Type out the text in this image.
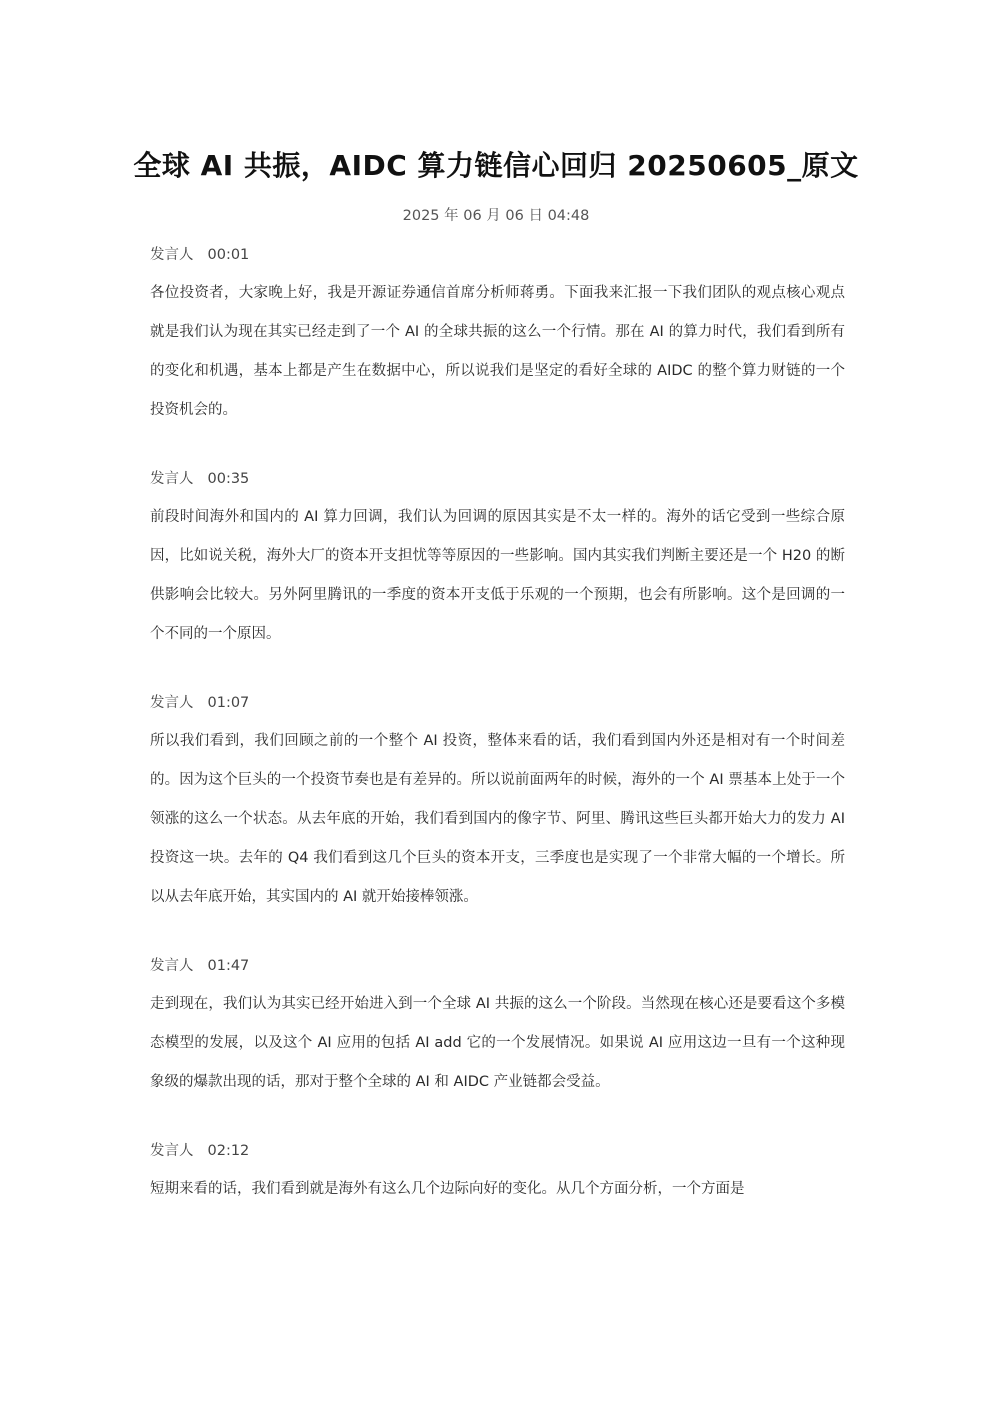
全球 AI 共振，AIDC 算力链信心回归 20250605_原文
2025 年 06 月 06 日 04:48
发言人 00:01

各位投资者，大家晚上好，我是开源证券通信首席分析师蒋勇。下面我来汇报一下我们团队的观点核心观点就是我们认为现在其实已经走到了一个 AI 的全球共振的这么一个行情。那在 AI 的算力时代，我们看到所有的变化和机遇，基本上都是产生在数据中心，所以说我们是坚定的看好全球的 AIDC 的整个算力财链的一个投资机会的。

发言人 00:35

前段时间海外和国内的 AI 算力回调，我们认为回调的原因其实是不太一样的。海外的话它受到一些综合原因，比如说关税，海外大厂的资本开支担忧等等原因的一些影响。国内其实我们判断主要还是一个 H20 的断供影响会比较大。另外阿里腾讯的一季度的资本开支低于乐观的一个预期，也会有所影响。这个是回调的一个不同的一个原因。

发言人 01:07

所以我们看到，我们回顾之前的一个整个 AI 投资，整体来看的话，我们看到国内外还是相对有一个时间差的。因为这个巨头的一个投资节奏也是有差异的。所以说前面两年的时候，海外的一个 AI 票基本上处于一个领涨的这么一个状态。从去年底的开始，我们看到国内的像字节、阿里、腾讯这些巨头都开始大力的发力 AI 投资这一块。去年的 Q4 我们看到这几个巨头的资本开支，三季度也是实现了一个非常大幅的一个增长。所以从去年底开始，其实国内的 AI 就开始接棒领涨。

发言人 01:47

走到现在，我们认为其实已经开始进入到一个全球 AI 共振的这么一个阶段。当然现在核心还是要看这个多模态模型的发展，以及这个 AI 应用的包括 AI add 它的一个发展情况。如果说 AI 应用这边一旦有一个这种现象级的爆款出现的话，那对于整个全球的 AI 和 AIDC 产业链都会受益。

发言人 02:12

短期来看的话，我们看到就是海外有这么几个边际向好的变化。从几个方面分析，一个方面是
